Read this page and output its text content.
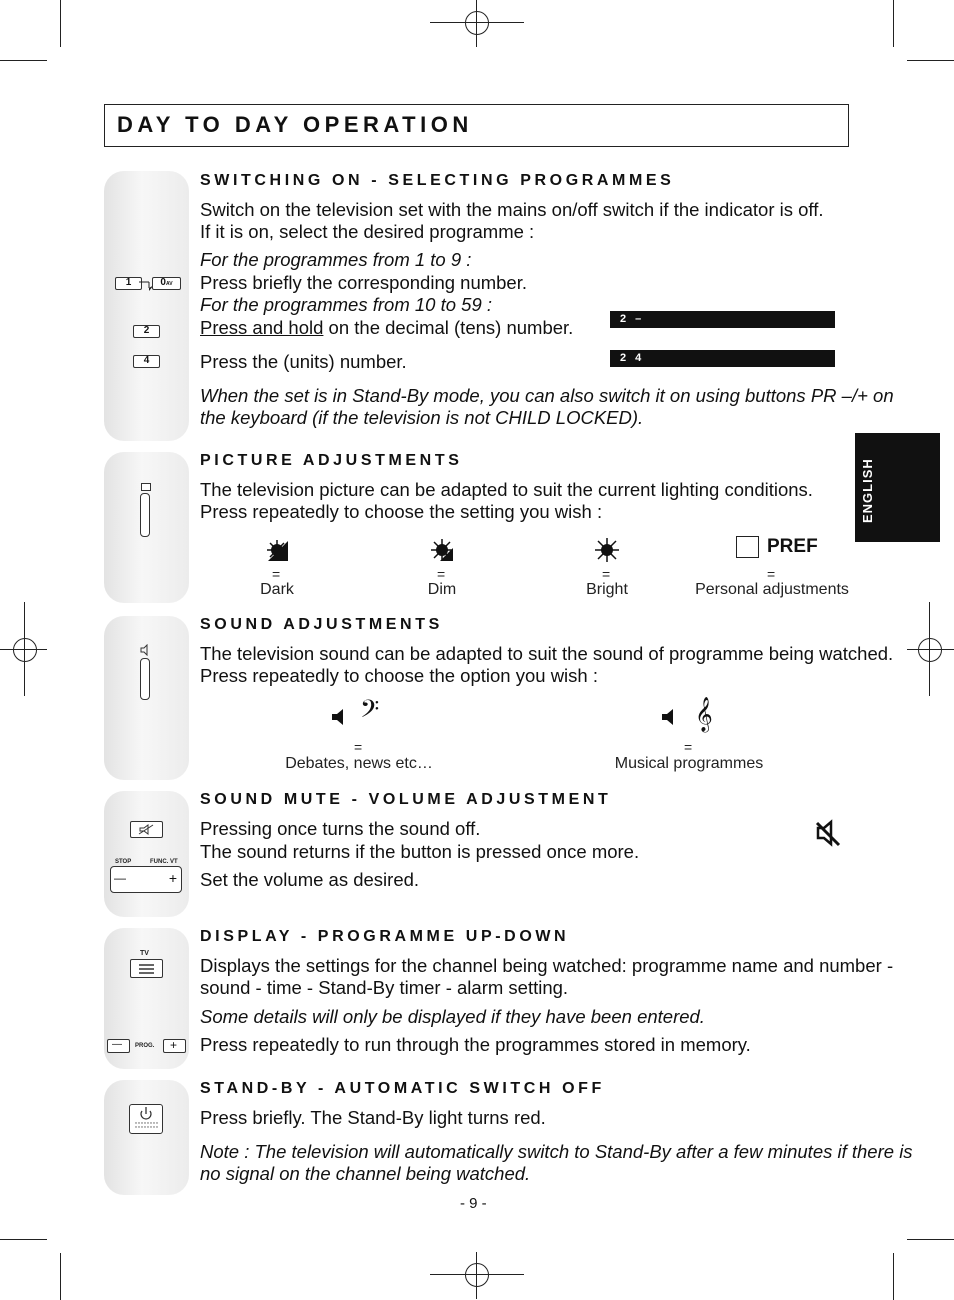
DAY TO DAY OPERATION
ENGLISH
1	0AV
2
4
SWITCHING ON - SELECTING PROGRAMMES
Switch on the television set with the mains on/off switch if the indicator is off.
If it is on, select the desired programme :
For the programmes from 1 to 9 :
Press briefly the corresponding number.
For the programmes from 10 to 59 :
Press and hold on the decimal (tens) number.
Press the (units) number.
When the set is in Stand-By mode, you can also switch it on using buttons PR –/+ on
the keyboard (if the television is not CHILD LOCKED).
2 –
2 4
PICTURE ADJUSTMENTS
The television picture can be adapted to suit the current lighting conditions.
Press repeatedly to choose the setting you wish :
PREF
=	=	=	=
Dark	Dim	Bright	Personal adjustments
SOUND ADJUSTMENTS
The television sound can be adapted to suit the sound of programme being watched.
Press repeatedly to choose the option you wish :
𝄢	𝄞
=	=
Debates, news etc…	Musical programmes
STOP	FUNC. VT
—	+
SOUND MUTE - VOLUME ADJUSTMENT
Pressing once turns the sound off.
The sound returns if the button is pressed once more.
Set the volume as desired.
TV
— PROG. +
DISPLAY - PROGRAMME UP-DOWN
Displays the settings for the channel being watched: programme name and number -
sound - time - Stand-By timer - alarm setting.
Some details will only be displayed if they have been entered.
Press repeatedly to run through the programmes stored in memory.
STAND-BY - AUTOMATIC SWITCH OFF
Press briefly. The Stand-By light turns red.
Note : The television will automatically switch to Stand-By after a few minutes if there is
no signal on the channel being watched.
- 9 -
